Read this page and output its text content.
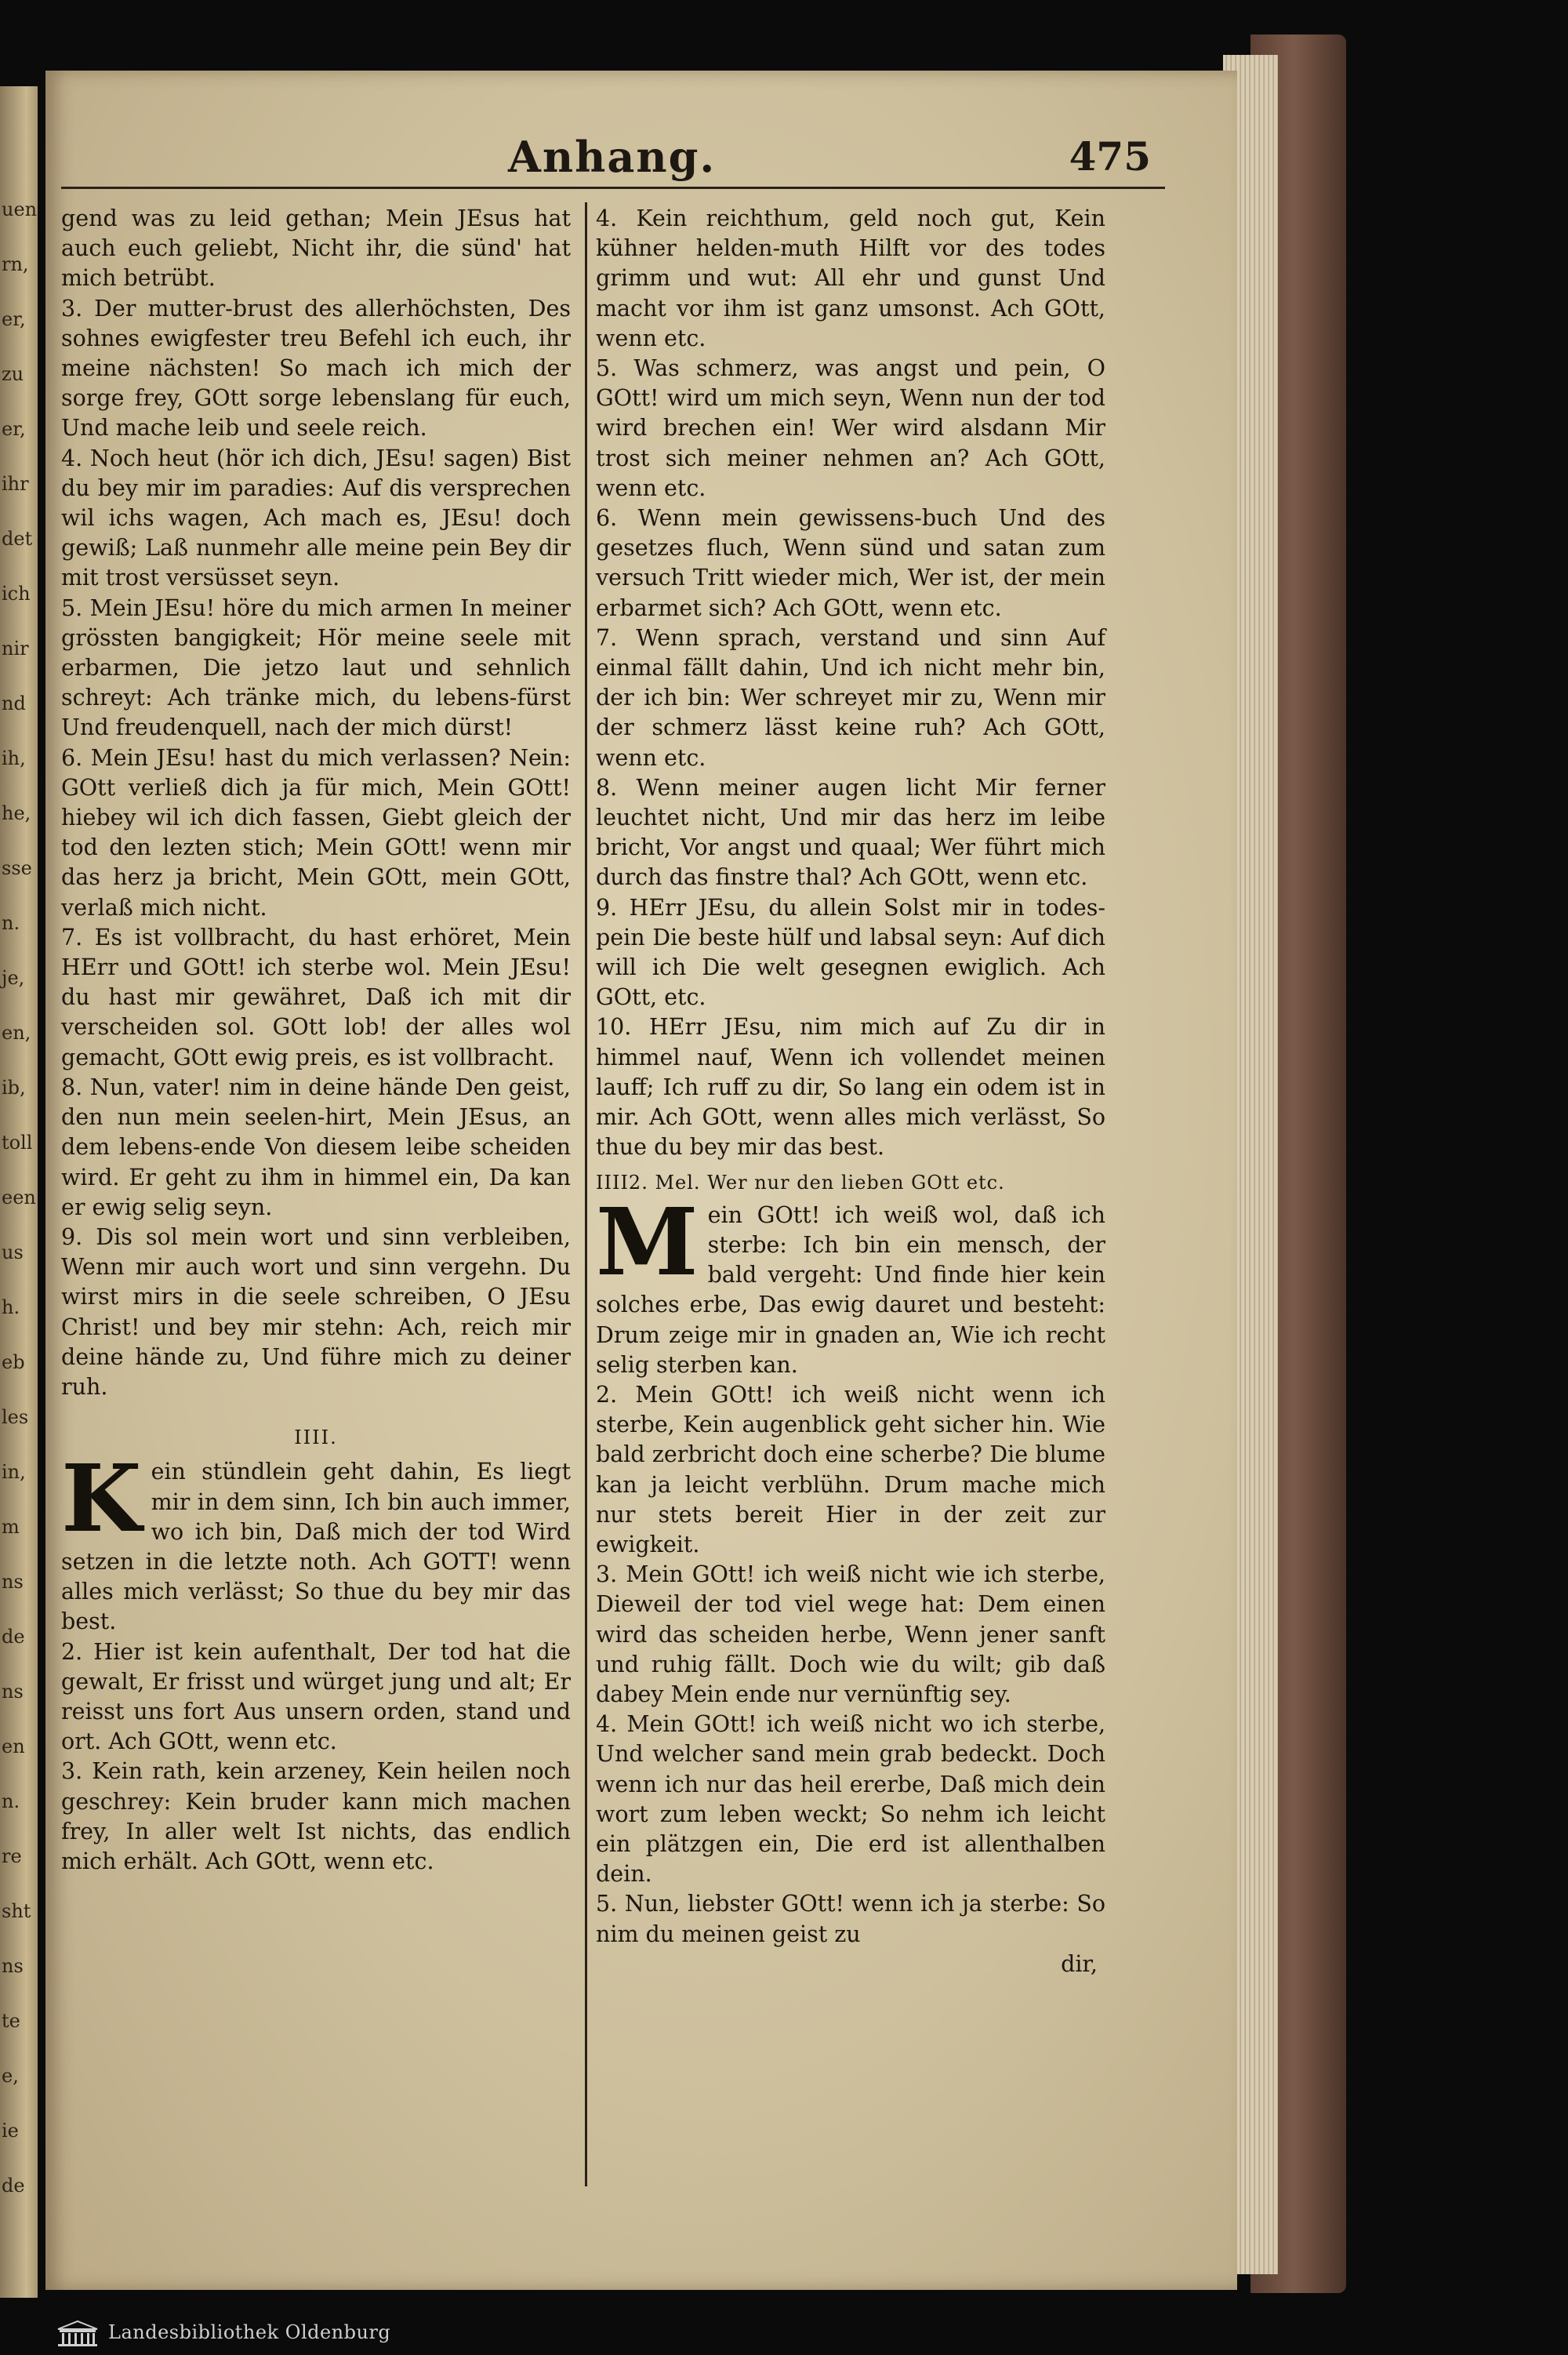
uen
rn,
er,
zu
er,
ihr
det
ich
nir
nd
ih,
he,
sse
n.
je,
en,
ib,
toll
een
us
h.
eb
les
in,
m
ns
de
ns
en
n.
re
sht
ns
te
e,
ie
de
Anhang.	475

gend was zu leid gethan; Mein JEsus hat auch euch geliebt, Nicht ihr, die sünd' hat mich betrübt.

3. Der mutter-brust des allerhöchsten, Des sohnes ewigfester treu Befehl ich euch, ihr meine nächsten! So mach ich mich der sorge frey, GOtt sorge lebenslang für euch, Und mache leib und seele reich.

4. Noch heut (hör ich dich, JEsu! sagen) Bist du bey mir im paradies: Auf dis versprechen wil ichs wagen, Ach mach es, JEsu! doch gewiß; Laß nunmehr alle meine pein Bey dir mit trost versüsset seyn.

5. Mein JEsu! höre du mich armen In meiner grössten bangigkeit; Hör meine seele mit erbarmen, Die jetzo laut und sehnlich schreyt: Ach tränke mich, du lebens-fürst Und freudenquell, nach der mich dürst!

6. Mein JEsu! hast du mich verlassen? Nein: GOtt verließ dich ja für mich, Mein GOtt! hiebey wil ich dich fassen, Giebt gleich der tod den lezten stich; Mein GOtt! wenn mir das herz ja bricht, Mein GOtt, mein GOtt, verlaß mich nicht.

7. Es ist vollbracht, du hast erhöret, Mein HErr und GOtt! ich sterbe wol. Mein JEsu! du hast mir gewähret, Daß ich mit dir verscheiden sol. GOtt lob! der alles wol gemacht, GOtt ewig preis, es ist vollbracht.

8. Nun, vater! nim in deine hände Den geist, den nun mein seelen-hirt, Mein JEsus, an dem lebens-ende Von diesem leibe scheiden wird. Er geht zu ihm in himmel ein, Da kan er ewig selig seyn.

9. Dis sol mein wort und sinn verbleiben, Wenn mir auch wort und sinn vergehn. Du wirst mirs in die seele schreiben, O JEsu Christ! und bey mir stehn: Ach, reich mir deine hände zu, Und führe mich zu deiner ruh.

IIII.

Kein stündlein geht dahin, Es liegt mir in dem sinn, Ich bin auch immer, wo ich bin, Daß mich der tod Wird setzen in die letzte noth. Ach GOTT! wenn alles mich verlässt; So thue du bey mir das best.

2. Hier ist kein aufenthalt, Der tod hat die gewalt, Er frisst und würget jung und alt; Er reisst uns fort Aus unsern orden, stand und ort. Ach GOtt, wenn etc.

3. Kein rath, kein arzeney, Kein heilen noch geschrey: Kein bruder kann mich machen frey, In aller welt Ist nichts, das endlich mich erhält. Ach GOtt, wenn etc.

4. Kein reichthum, geld noch gut, Kein kühner helden-muth Hilft vor des todes grimm und wut: All ehr und gunst Und macht vor ihm ist ganz umsonst. Ach GOtt, wenn etc.

5. Was schmerz, was angst und pein, O GOtt! wird um mich seyn, Wenn nun der tod wird brechen ein! Wer wird alsdann Mir trost sich meiner nehmen an? Ach GOtt, wenn etc.

6. Wenn mein gewissens-buch Und des gesetzes fluch, Wenn sünd und satan zum versuch Tritt wieder mich, Wer ist, der mein erbarmet sich? Ach GOtt, wenn etc.

7. Wenn sprach, verstand und sinn Auf einmal fällt dahin, Und ich nicht mehr bin, der ich bin: Wer schreyet mir zu, Wenn mir der schmerz lässt keine ruh? Ach GOtt, wenn etc.

8. Wenn meiner augen licht Mir ferner leuchtet nicht, Und mir das herz im leibe bricht, Vor angst und quaal; Wer führt mich durch das finstre thal? Ach GOtt, wenn etc.

9. HErr JEsu, du allein Solst mir in todes-pein Die beste hülf und labsal seyn: Auf dich will ich Die welt gesegnen ewiglich. Ach GOtt, etc.

10. HErr JEsu, nim mich auf Zu dir in himmel nauf, Wenn ich vollendet meinen lauff; Ich ruff zu dir, So lang ein odem ist in mir. Ach GOtt, wenn alles mich verlässt, So thue du bey mir das best.

IIII2. Mel. Wer nur den lieben GOtt etc.

Mein GOtt! ich weiß wol, daß ich sterbe: Ich bin ein mensch, der bald vergeht: Und finde hier kein solches erbe, Das ewig dauret und besteht: Drum zeige mir in gnaden an, Wie ich recht selig sterben kan.

2. Mein GOtt! ich weiß nicht wenn ich sterbe, Kein augenblick geht sicher hin. Wie bald zerbricht doch eine scherbe? Die blume kan ja leicht verblühn. Drum mache mich nur stets bereit Hier in der zeit zur ewigkeit.

3. Mein GOtt! ich weiß nicht wie ich sterbe, Dieweil der tod viel wege hat: Dem einen wird das scheiden herbe, Wenn jener sanft und ruhig fällt. Doch wie du wilt; gib daß dabey Mein ende nur vernünftig sey.

4. Mein GOtt! ich weiß nicht wo ich sterbe, Und welcher sand mein grab bedeckt. Doch wenn ich nur das heil ererbe, Daß mich dein wort zum leben weckt; So nehm ich leicht ein plätzgen ein, Die erd ist allenthalben dein.

5. Nun, liebster GOtt! wenn ich ja sterbe: So nim du meinen geist zu

dir,

Landesbibliothek Oldenburg
